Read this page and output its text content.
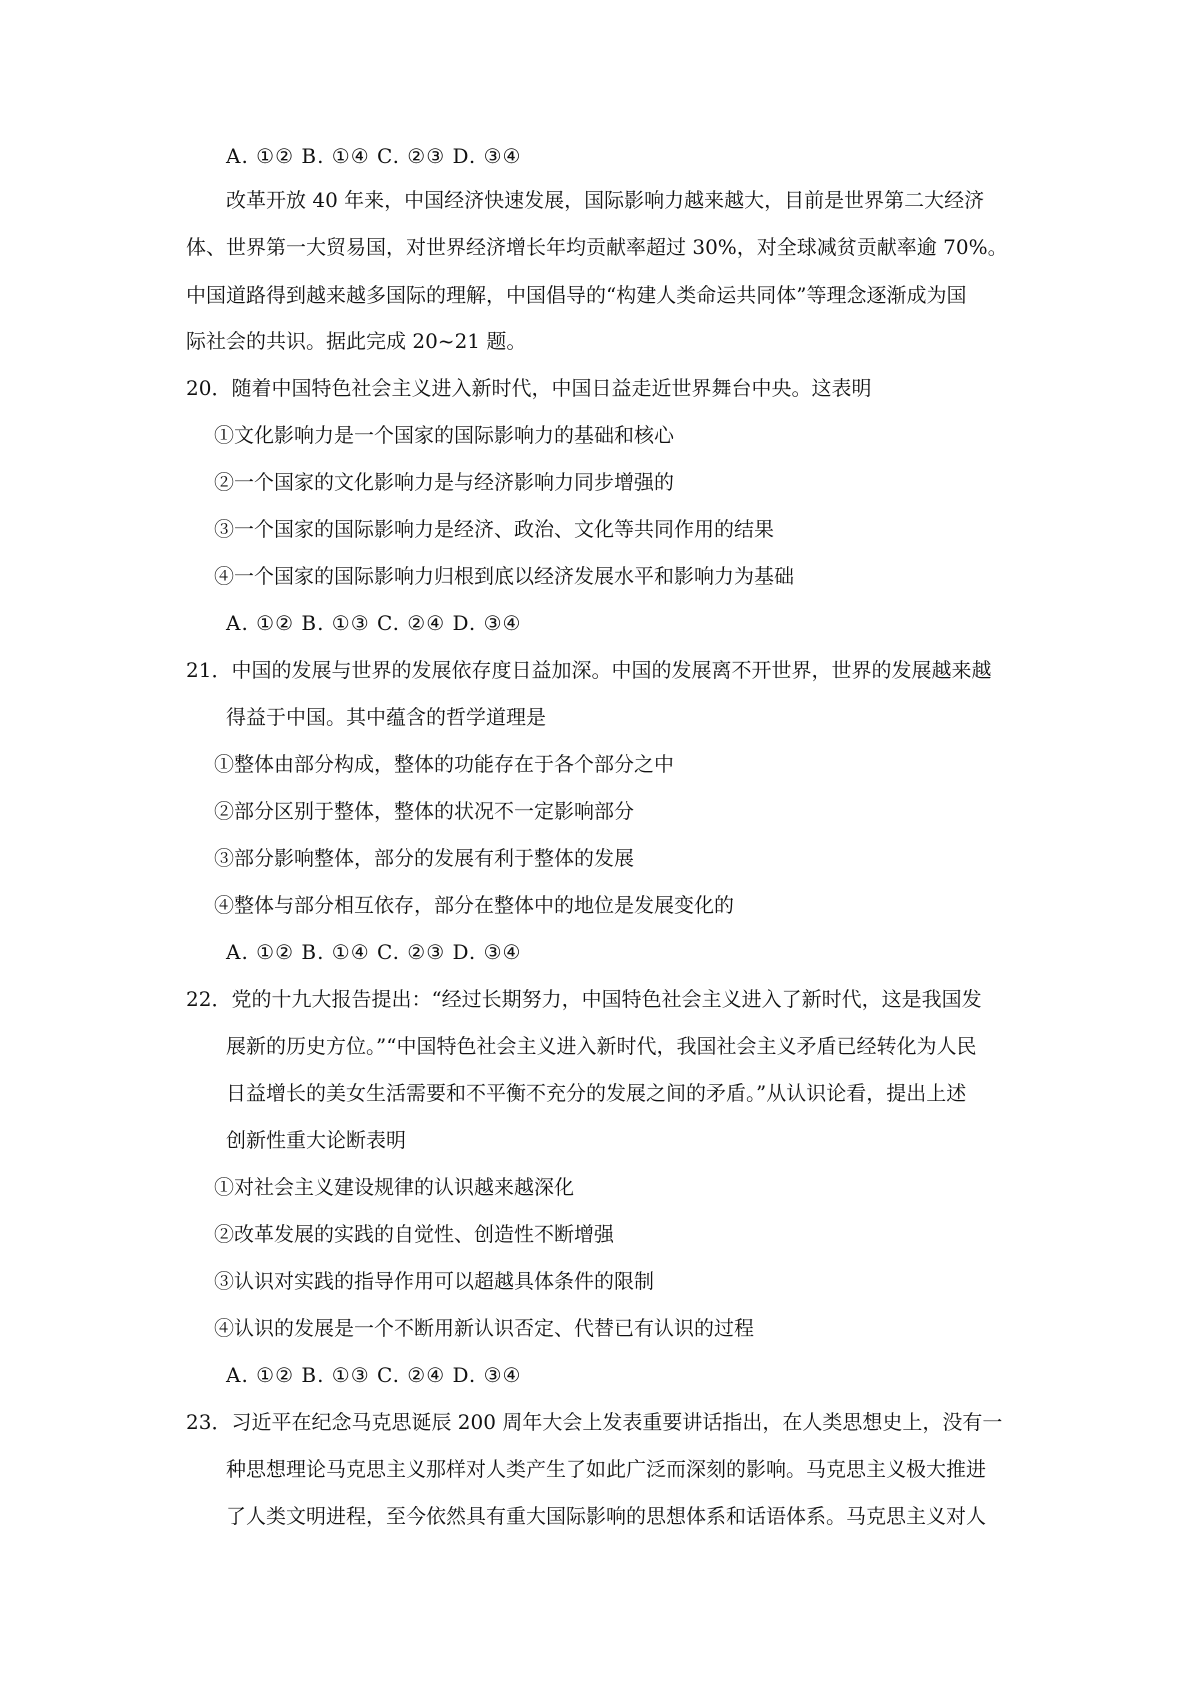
A. ①② B. ①④ C. ②③ D. ③④
改革开放 40 年来，中国经济快速发展，国际影响力越来越大，目前是世界第二大经济
体、世界第一大贸易国，对世界经济增长年均贡献率超过 30%，对全球减贫贡献率逾 70%。
中国道路得到越来越多国际的理解，中国倡导的“构建人类命运共同体”等理念逐渐成为国
际社会的共识。据此完成 20~21 题。
20．随着中国特色社会主义进入新时代，中国日益走近世界舞台中央。这表明
①文化影响力是一个国家的国际影响力的基础和核心
②一个国家的文化影响力是与经济影响力同步增强的
③一个国家的国际影响力是经济、政治、文化等共同作用的结果
④一个国家的国际影响力归根到底以经济发展水平和影响力为基础
A. ①② B. ①③ C. ②④ D. ③④
21．中国的发展与世界的发展依存度日益加深。中国的发展离不开世界，世界的发展越来越
得益于中国。其中蕴含的哲学道理是
①整体由部分构成，整体的功能存在于各个部分之中
②部分区别于整体，整体的状况不一定影响部分
③部分影响整体，部分的发展有利于整体的发展
④整体与部分相互依存，部分在整体中的地位是发展变化的
A. ①② B. ①④ C. ②③ D. ③④
22．党的十九大报告提出：“经过长期努力，中国特色社会主义进入了新时代，这是我国发
展新的历史方位。”“中国特色社会主义进入新时代，我国社会主义矛盾已经转化为人民
日益增长的美女生活需要和不平衡不充分的发展之间的矛盾。”从认识论看，提出上述
创新性重大论断表明
①对社会主义建设规律的认识越来越深化
②改革发展的实践的自觉性、创造性不断增强
③认识对实践的指导作用可以超越具体条件的限制
④认识的发展是一个不断用新认识否定、代替已有认识的过程
A. ①② B. ①③ C. ②④ D. ③④
23．习近平在纪念马克思诞辰 200 周年大会上发表重要讲话指出，在人类思想史上，没有一
种思想理论马克思主义那样对人类产生了如此广泛而深刻的影响。马克思主义极大推进
了人类文明进程，至今依然具有重大国际影响的思想体系和话语体系。马克思主义对人
